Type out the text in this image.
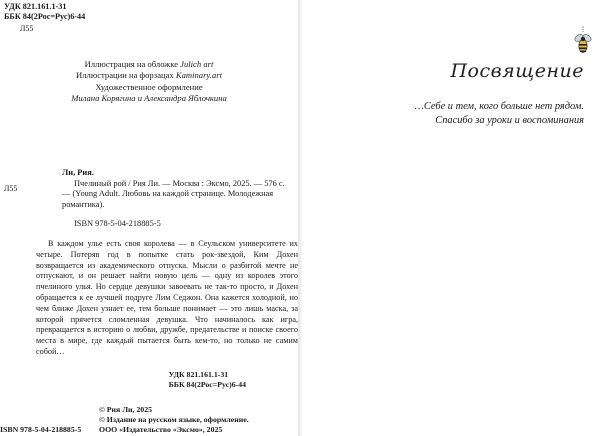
УДК 821.161.1-31
ББК 84(2Рос=Рус)6-44
Л55
Иллюстрация на обложке Julich art
Иллюстрации на форзацах Kaminary.art
Художественное оформление
Милана Корягина и Александра Яблочкина
Л55
Ли, Рия.
Пчелиный рой / Рия Ли. — Москва : Эксмо, 2025. — 576 с. — (Young Adult. Любовь на каждой странице. Молодежная романтика).
ISBN 978-5-04-218885-5
В каждом улье есть своя королева — в Сеульском университете их четыре. Потеряв год в попытке стать рок-звездой, Ким Дохен возвращается из академического отпуска. Мысли о разбитой мечте не отпускают, и он решает найти новую цель — одну из королев этого пчелиного улья. Но сердце девушки завоевать не так-то просто, и Дохен обращается к ее лучшей подруге Лим Седжон. Она кажется холодной, но чем ближе Дохен узнает ее, тем больше понимает — это лишь маска, за которой прячется сломленная девушка. Что начиналось как игра, превращается в историю о любви, дружбе, предательстве и поиске своего места в мире, где каждый пытается быть кем-то, но только не самим собой…
УДК 821.161.1-31
ББК 84(2Рос=Рус)6-44
© Рия Ли, 2025
© Издание на русском языке, оформление.
ООО «Издательство «Эксмо», 2025
ISBN 978-5-04-218885-5
Посвящение
…Себе и тем, кого больше нет рядом.
Спасибо за уроки и воспоминания
